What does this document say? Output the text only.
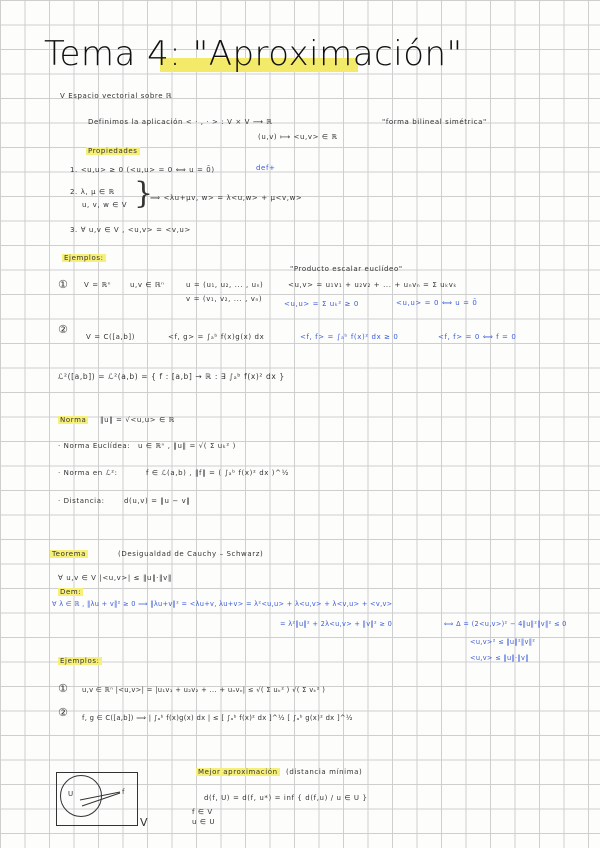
Tema 4: "Aproximación"
V Espacio vectorial sobre ℝ
Definimos la aplicación < · , · > : V × V ⟶ ℝ	"forma bilineal simétrica"
(u,v) ⟼ <u,v> ∈ ℝ
Propiedades
1. <u,u> ≥ 0 (<u,u> = 0 ⟺ u = 0̄)	def+
2. λ, μ ∈ ℝ
u, v, w ∈ V }
⟹ <λu+μv, w> = λ<u,w> + μ<v,w>
3. ∀ u,v ∈ V , <u,v> = <v,u>
Ejemplos:
① V = ℝⁿ	u,v ∈ ℝⁿ	u = (u₁, u₂, ... , uₙ)
v = (v₁, v₂, ... , vₙ)
"Producto escalar euclídeo"
<u,v> = u₁v₁ + u₂v₂ + ... + uₙvₙ = Σ uₖvₖ
<u,u> = Σ uₖ² ≥ 0	<u,u> = 0 ⟺ u = 0̄
②
V = C([a,b])	<f, g> = ∫ₐᵇ f(x)g(x) dx	<f, f> = ∫ₐᵇ f(x)² dx ≥ 0	<f, f> = 0 ⟺ f = 0
ℒ²([a,b]) = ℒ²(a,b) = { f : [a,b] → ℝ : ∃ ∫ₐᵇ f(x)² dx }
Norma ‖u‖ = √<u,u> ∈ ℝ
· Norma Euclídea: u ∈ ℝⁿ , ‖u‖ = √( Σ uₖ² )
· Norma en ℒ²:	f ∈ ℒ(a,b) , ‖f‖ = ( ∫ₐᵇ f(x)² dx )^½
· Distancia:	d(u,v) = ‖u − v‖
Teorema	(Desigualdad de Cauchy – Schwarz)
∀ u,v ∈ V |<u,v>| ≤ ‖u‖·‖v‖
Dem:
∀ λ ∈ ℝ , ‖λu + v‖² ≥ 0 ⟹ ‖λu+v‖² = <λu+v, λu+v> = λ²<u,u> + λ<u,v> + λ<v,u> + <v,v>
= λ²‖u‖² + 2λ<u,v> + ‖v‖² ≥ 0	⟺ Δ = (2<u,v>)² − 4‖u‖²‖v‖² ≤ 0
<u,v>² ≤ ‖u‖²‖v‖²
<u,v> ≤ ‖u‖·‖v‖
Ejemplos:
① u,v ∈ ℝⁿ |<u,v>| = |u₁v₁ + u₂v₂ + ... + uₙvₙ| ≤ √( Σ uₖ² ) √( Σ vₖ² )
② f, g ∈ C([a,b]) ⟹ | ∫ₐᵇ f(x)g(x) dx | ≤ [ ∫ₐᵇ f(x)² dx ]^½ [ ∫ₐᵇ g(x)² dx ]^½
Mejor aproximación (distancia mínima)
d(f, U) = d(f, u*) = inf { d(f,u) / u ∈ U }
f ∈ V
u ∈ U
U	f
V
